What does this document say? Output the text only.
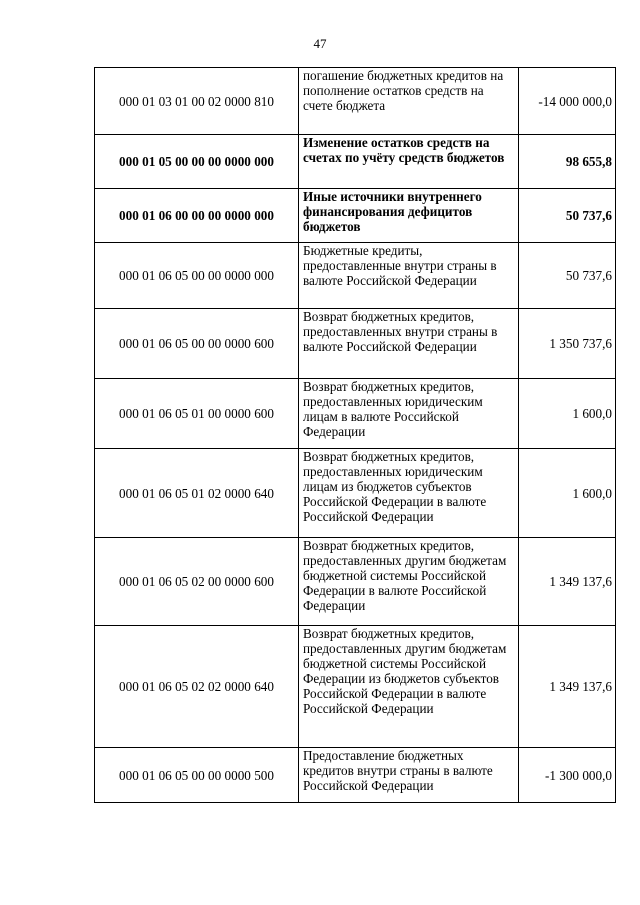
47
000 01 03 01 00 02 0000 810	погашение бюджетных кредитов на пополнение остатков средств на счете бюджета	-14 000 000,0
000 01 05 00 00 00 0000 000	Изменение остатков средств на счетах по учёту средств бюджетов	98 655,8
000 01 06 00 00 00 0000 000	Иные источники внутреннего финансирования дефицитов бюджетов	50 737,6
000 01 06 05 00 00 0000 000	Бюджетные кредиты, предоставленные внутри страны в валюте Российской Федерации	50 737,6
000 01 06 05 00 00 0000 600	Возврат бюджетных кредитов, предоставленных внутри страны в валюте Российской Федерации	1 350 737,6
000 01 06 05 01 00 0000 600	Возврат бюджетных кредитов, предоставленных юридическим лицам в валюте Российской Федерации	1 600,0
000 01 06 05 01 02 0000 640	Возврат бюджетных кредитов, предоставленных юридическим лицам из бюджетов субъектов Российской Федерации в валюте Российской Федерации	1 600,0
000 01 06 05 02 00 0000 600	Возврат бюджетных кредитов, предоставленных другим бюджетам бюджетной системы Российской Федерации в валюте Российской Федерации	1 349 137,6
000 01 06 05 02 02 0000 640	Возврат бюджетных кредитов, предоставленных другим бюджетам бюджетной системы Российской Федерации из бюджетов субъектов Российской Федерации в валюте Российской Федерации	1 349 137,6
000 01 06 05 00 00 0000 500	Предоставление бюджетных кредитов внутри страны в валюте Российской Федерации	-1 300 000,0
